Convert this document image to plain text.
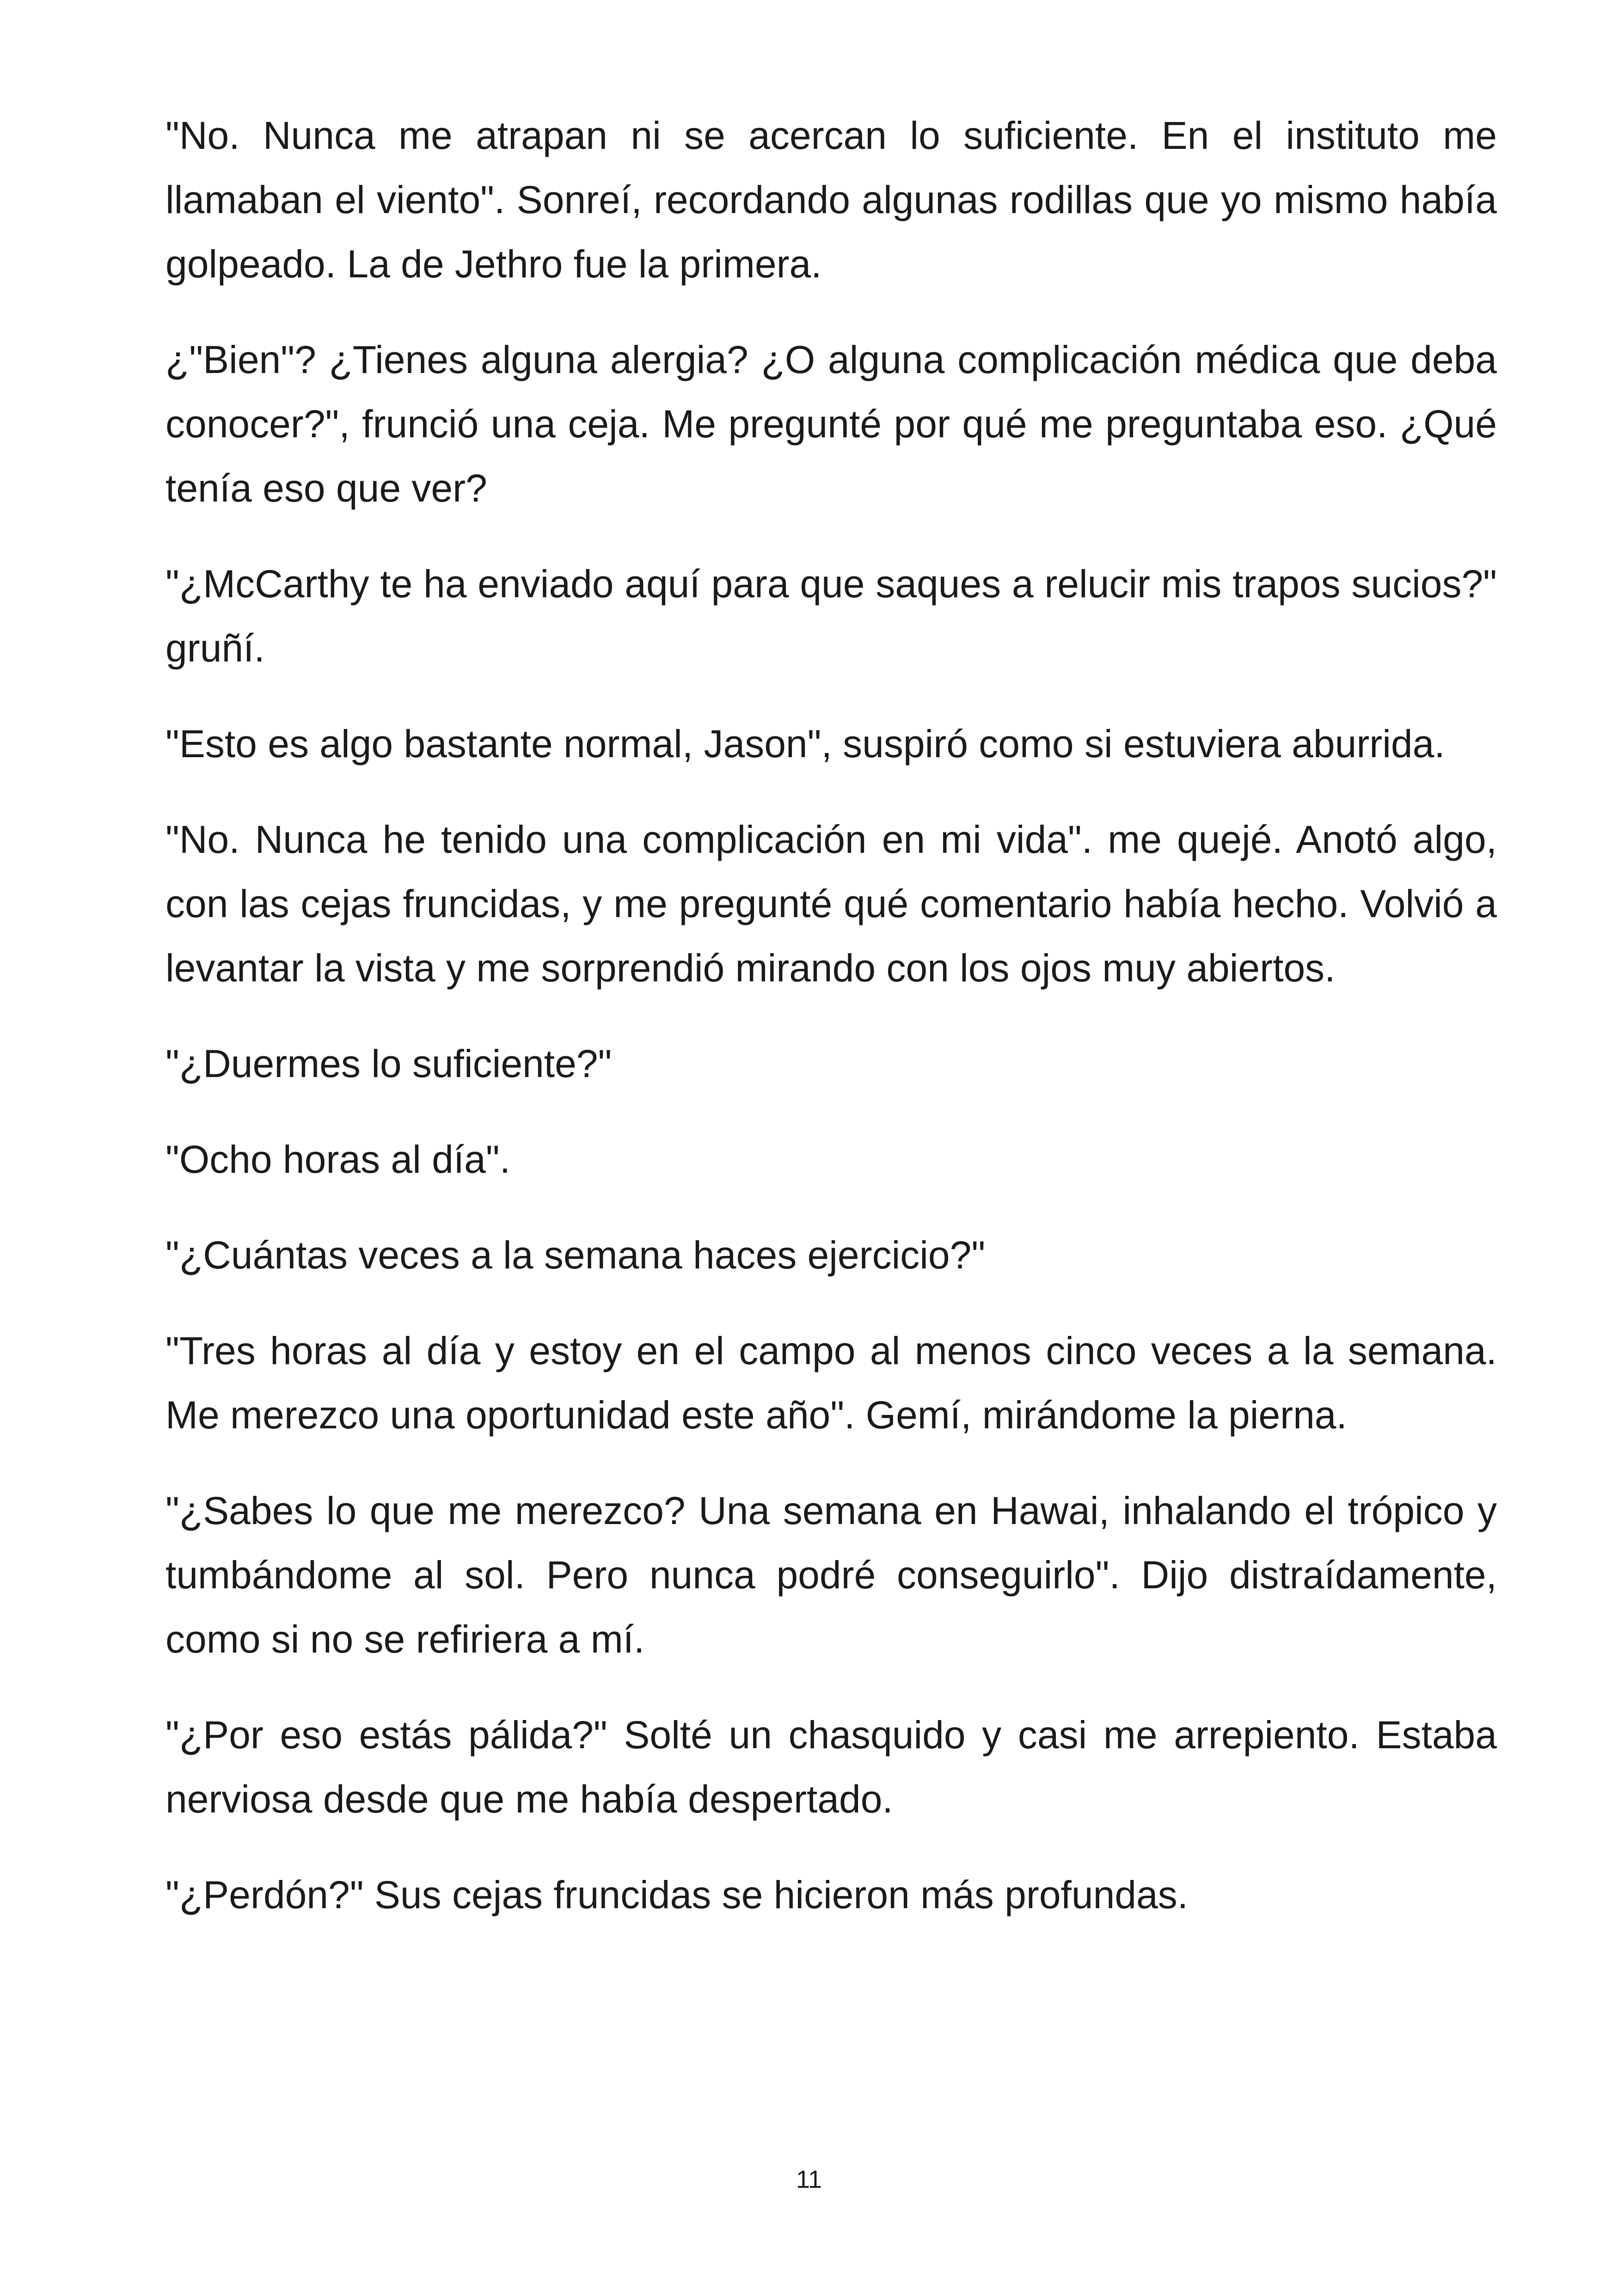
"No. Nunca me atrapan ni se acercan lo suficiente. En el instituto me llamaban el viento". Sonreí, recordando algunas rodillas que yo mismo había golpeado. La de Jethro fue la primera.

¿"Bien"? ¿Tienes alguna alergia? ¿O alguna complicación médica que deba conocer?", frunció una ceja. Me pregunté por qué me preguntaba eso. ¿Qué tenía eso que ver?

"¿McCarthy te ha enviado aquí para que saques a relucir mis trapos sucios?" gruñí.

"Esto es algo bastante normal, Jason", suspiró como si estuviera aburrida.

"No. Nunca he tenido una complicación en mi vida". me quejé. Anotó algo, con las cejas fruncidas, y me pregunté qué comentario había hecho. Volvió a levantar la vista y me sorprendió mirando con los ojos muy abiertos.

"¿Duermes lo suficiente?"

"Ocho horas al día".

"¿Cuántas veces a la semana haces ejercicio?"

"Tres horas al día y estoy en el campo al menos cinco veces a la semana. Me merezco una oportunidad este año". Gemí, mirándome la pierna.

"¿Sabes lo que me merezco? Una semana en Hawai, inhalando el trópico y tumbándome al sol. Pero nunca podré conseguirlo". Dijo distraídamente, como si no se refiriera a mí.

"¿Por eso estás pálida?" Solté un chasquido y casi me arrepiento. Estaba nerviosa desde que me había despertado.

"¿Perdón?" Sus cejas fruncidas se hicieron más profundas.

11
